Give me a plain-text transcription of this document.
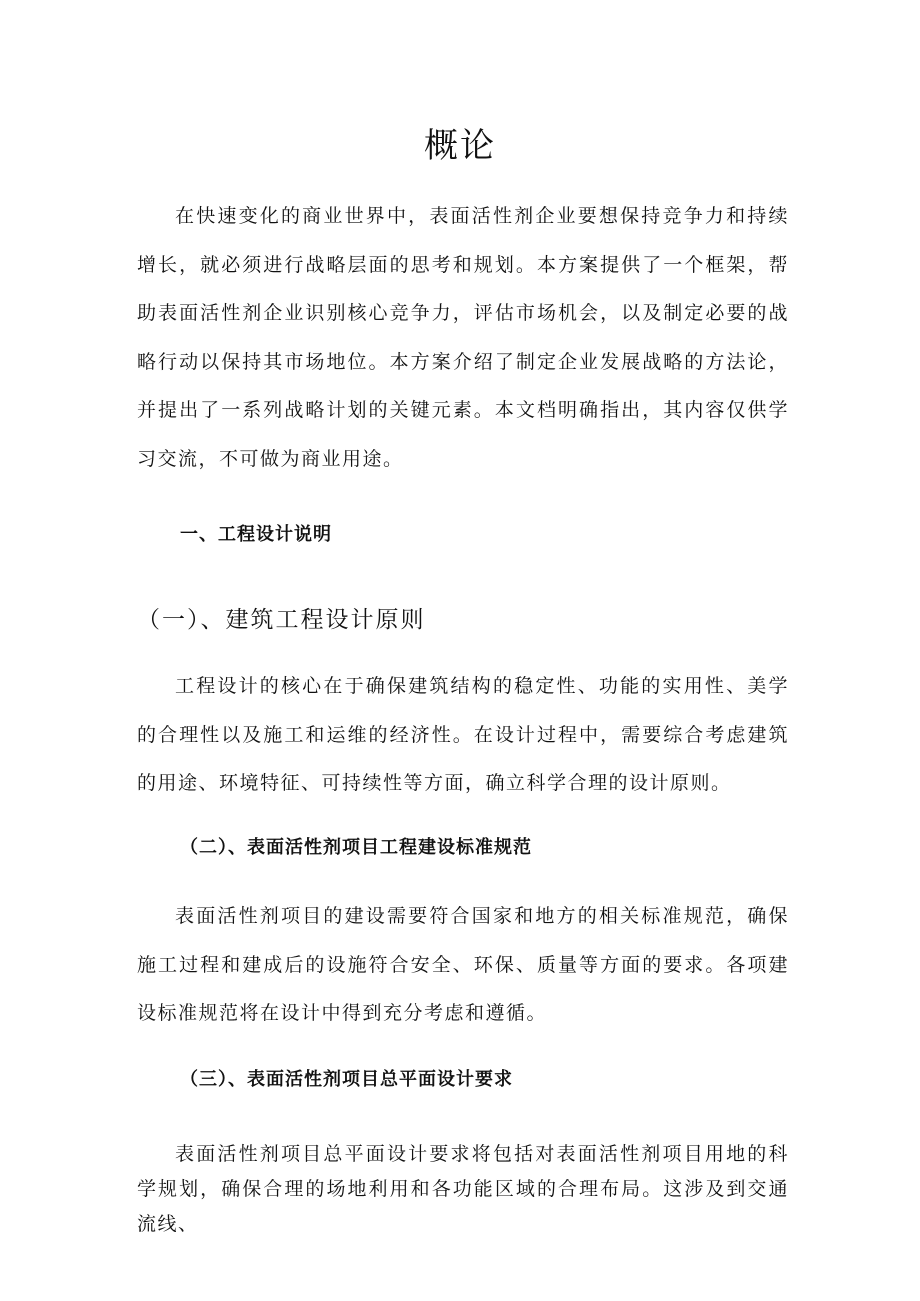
概论

在快速变化的商业世界中，表面活性剂企业要想保持竞争力和持续增长，就必须进行战略层面的思考和规划。本方案提供了一个框架，帮助表面活性剂企业识别核心竞争力，评估市场机会，以及制定必要的战略行动以保持其市场地位。本方案介绍了制定企业发展战略的方法论，并提出了一系列战略计划的关键元素。本文档明确指出，其内容仅供学习交流，不可做为商业用途。

一、工程设计说明
（一）、建筑工程设计原则

工程设计的核心在于确保建筑结构的稳定性、功能的实用性、美学的合理性以及施工和运维的经济性。在设计过程中，需要综合考虑建筑的用途、环境特征、可持续性等方面，确立科学合理的设计原则。

（二）、表面活性剂项目工程建设标准规范

表面活性剂项目的建设需要符合国家和地方的相关标准规范，确保施工过程和建成后的设施符合安全、环保、质量等方面的要求。各项建设标准规范将在设计中得到充分考虑和遵循。

（三）、表面活性剂项目总平面设计要求

表面活性剂项目总平面设计要求将包括对表面活性剂项目用地的科学规划，确保合理的场地利用和各功能区域的合理布局。这涉及到交通流线、
